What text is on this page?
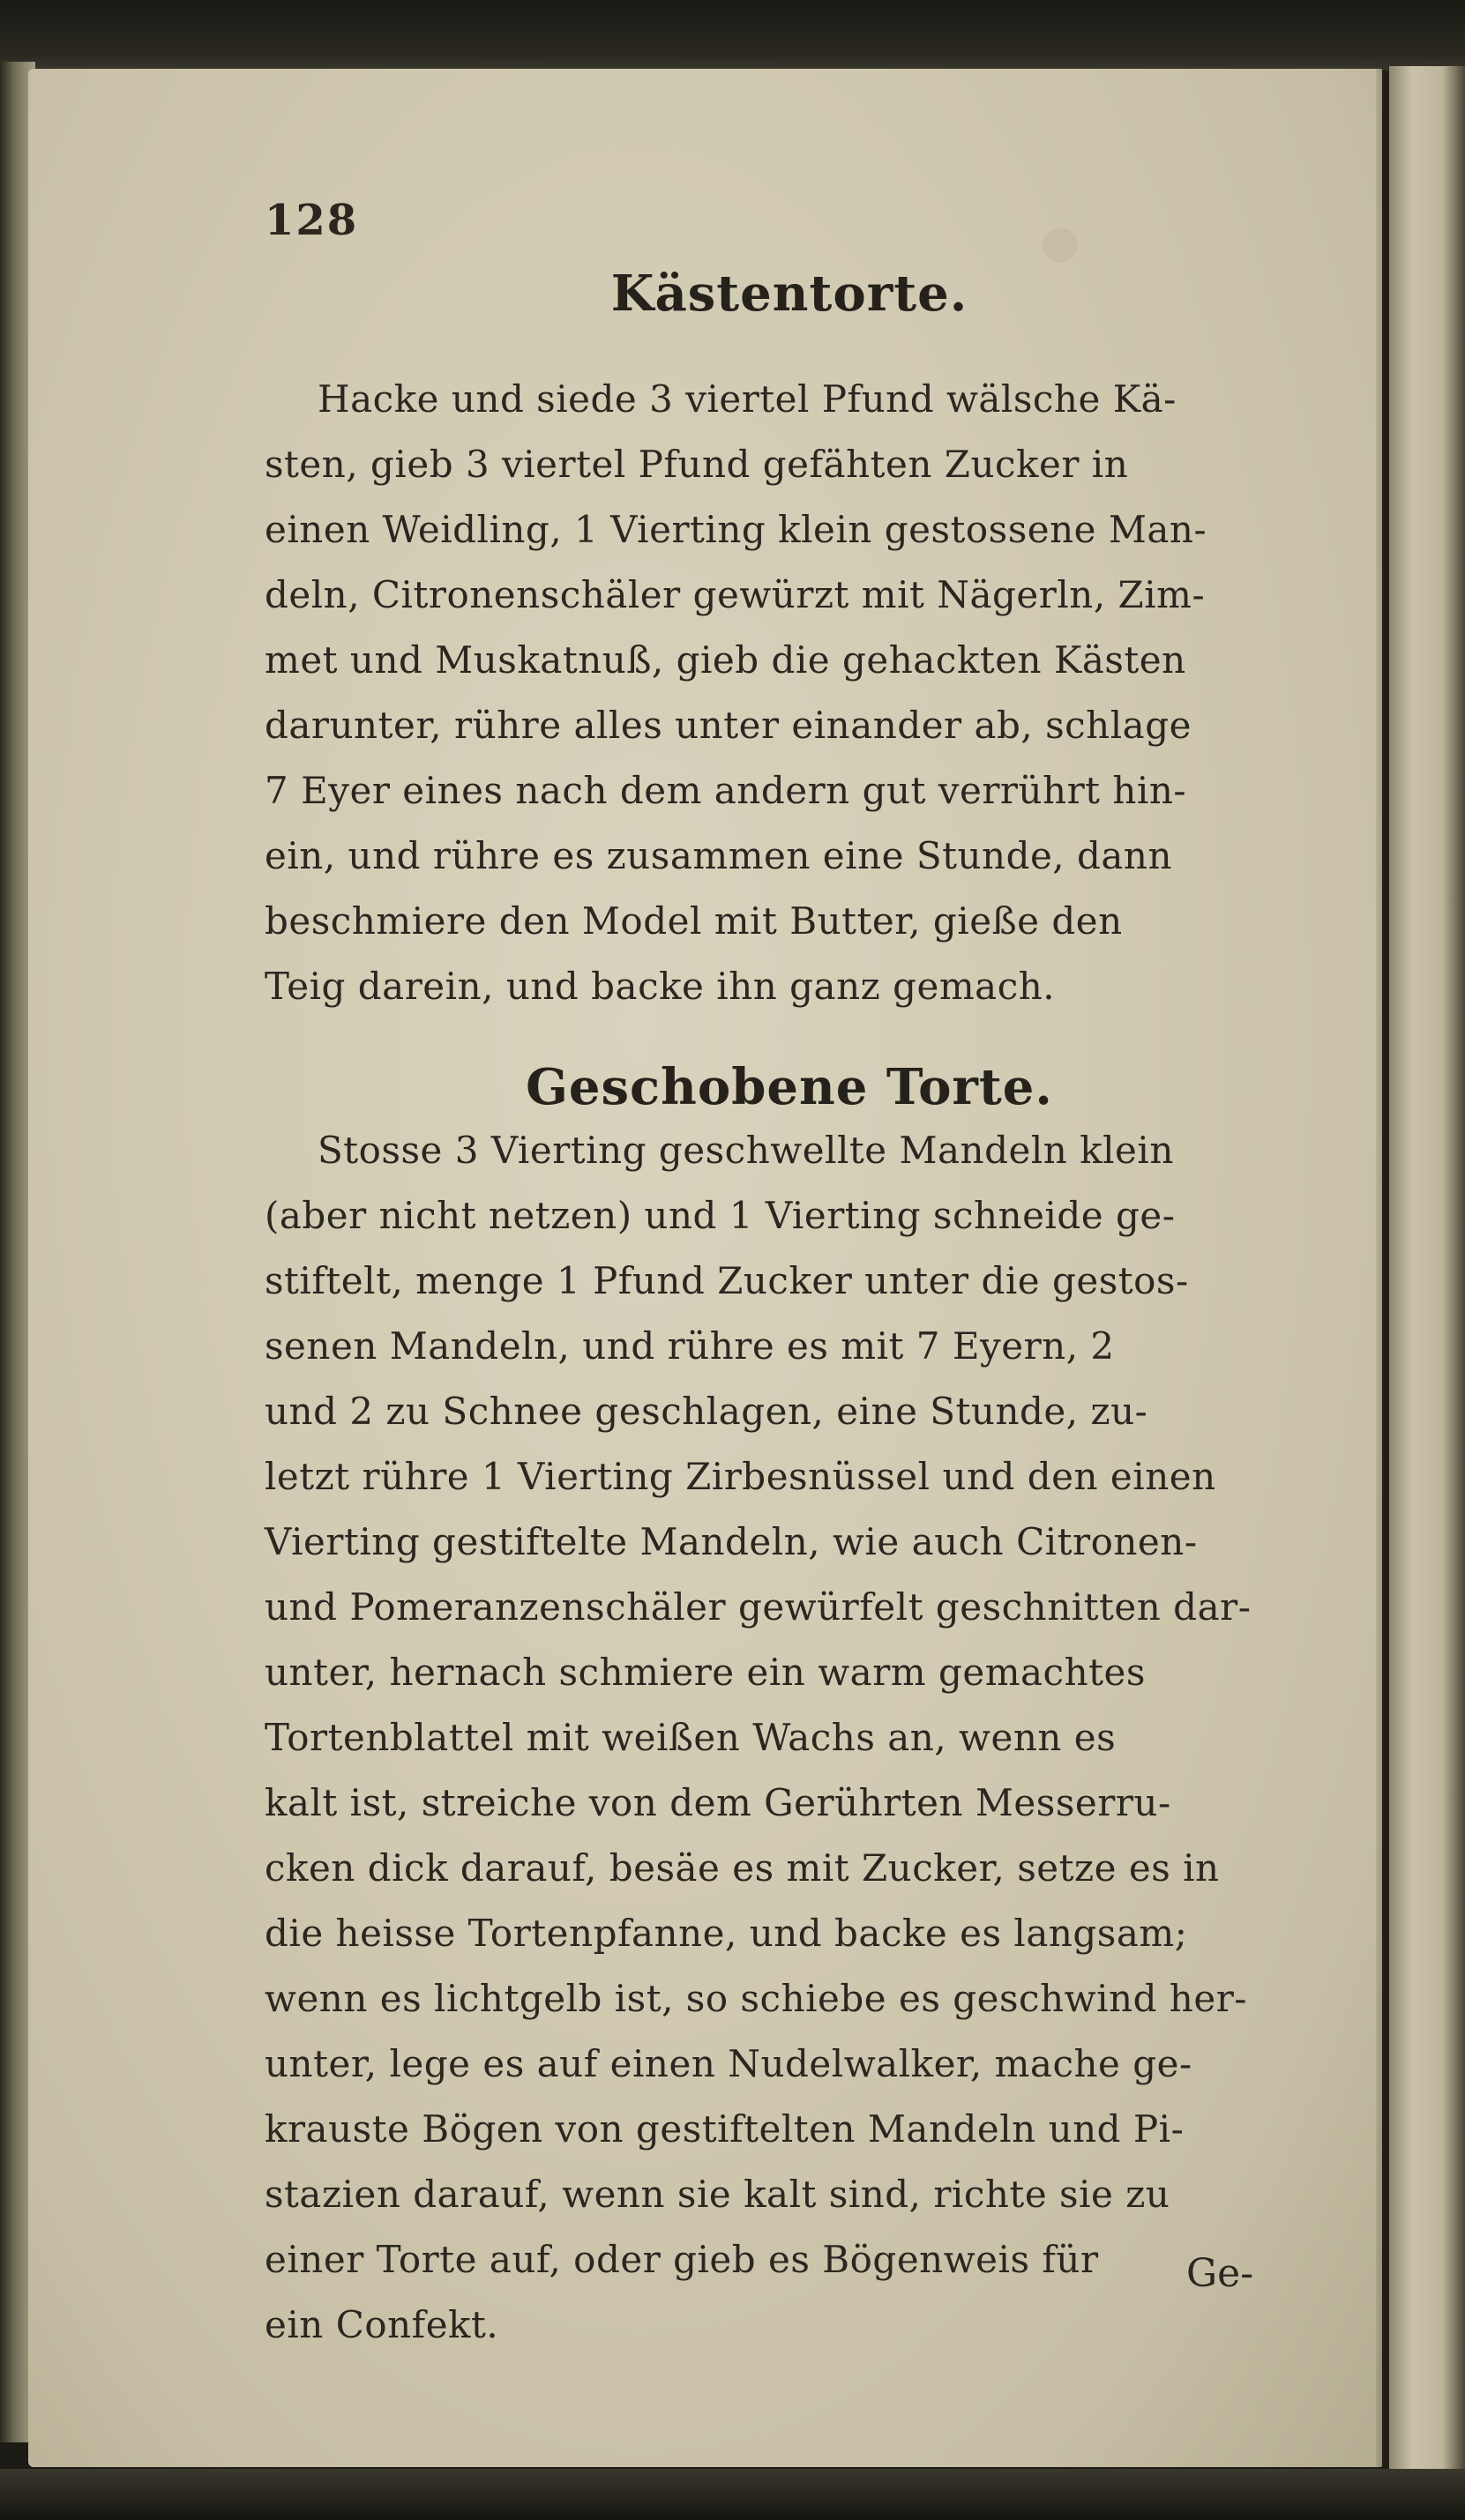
128
Kästentorte.
Hacke und siede 3 viertel Pfund wälsche Kä-
sten, gieb 3 viertel Pfund gefähten Zucker in
einen Weidling, 1 Vierting klein gestossene Man-
deln, Citronenschäler gewürzt mit Nägerln, Zim-
met und Muskatnuß, gieb die gehackten Kästen
darunter, rühre alles unter einander ab, schlage
7 Eyer eines nach dem andern gut verrührt hin-
ein, und rühre es zusammen eine Stunde, dann
beschmiere den Model mit Butter, gieße den
Teig darein, und backe ihn ganz gemach.
Geschobene Torte.
Stosse 3 Vierting geschwellte Mandeln klein
(aber nicht netzen) und 1 Vierting schneide ge-
stiftelt, menge 1 Pfund Zucker unter die gestos-
senen Mandeln, und rühre es mit 7 Eyern, 2
und 2 zu Schnee geschlagen, eine Stunde, zu-
letzt rühre 1 Vierting Zirbesnüssel und den einen
Vierting gestiftelte Mandeln, wie auch Citronen-
und Pomeranzenschäler gewürfelt geschnitten dar-
unter, hernach schmiere ein warm gemachtes
Tortenblattel mit weißen Wachs an, wenn es
kalt ist, streiche von dem Gerührten Messerru-
cken dick darauf, besäe es mit Zucker, setze es in
die heisse Tortenpfanne, und backe es langsam;
wenn es lichtgelb ist, so schiebe es geschwind her-
unter, lege es auf einen Nudelwalker, mache ge-
krauste Bögen von gestiftelten Mandeln und Pi-
stazien darauf, wenn sie kalt sind, richte sie zu
einer Torte auf, oder gieb es Bögenweis für
ein Confekt.
Ge-
